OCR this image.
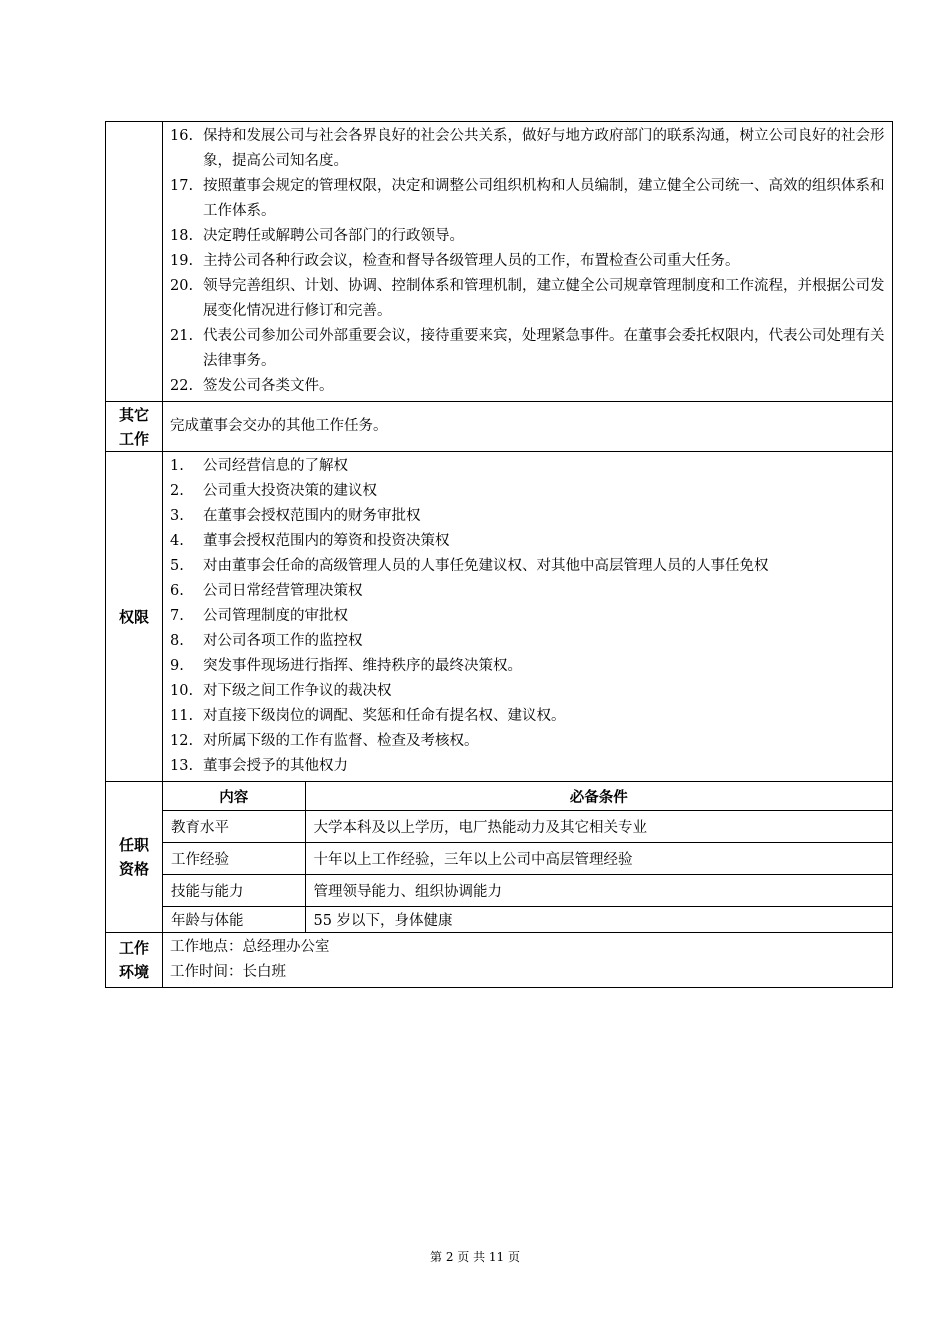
16. 保持和发展公司与社会各界良好的社会公共关系，做好与地方政府部门的联系沟通，树立公司良好的社会形象，提高公司知名度。
17. 按照董事会规定的管理权限，决定和调整公司组织机构和人员编制，建立健全公司统一、高效的组织体系和工作体系。
18. 决定聘任或解聘公司各部门的行政领导。
19. 主持公司各种行政会议，检查和督导各级管理人员的工作，布置检查公司重大任务。
20. 领导完善组织、计划、协调、控制体系和管理机制，建立健全公司规章管理制度和工作流程，并根据公司发展变化情况进行修订和完善。
21. 代表公司参加公司外部重要会议，接待重要来宾，处理紧急事件。在董事会委托权限内，代表公司处理有关法律事务。
22. 签发公司各类文件。

其它
工作

完成董事会交办的其他工作任务。

权限	
1.	公司经营信息的了解权
2.	公司重大投资决策的建议权
3.	在董事会授权范围内的财务审批权
4.	董事会授权范围内的筹资和投资决策权
5.	对由董事会任命的高级管理人员的人事任免建议权、对其他中高层管理人员的人事任免权
6.	公司日常经营管理决策权
7.	公司管理制度的审批权
8.	对公司各项工作的监控权
9.	突发事件现场进行指挥、维持秩序的最终决策权。
10. 对下级之间工作争议的裁决权
11. 对直接下级岗位的调配、奖惩和任命有提名权、建议权。
12. 对所属下级的工作有监督、检查及考核权。
13. 董事会授予的其他权力

任职
资格

内容	必备条件
教育水平	大学本科及以上学历，电厂热能动力及其它相关专业
工作经验	十年以上工作经验，三年以上公司中高层管理经验
技能与能力	管理领导能力、组织协调能力
年龄与体能	55 岁以下，身体健康

工作
环境

工作地点：总经理办公室
工作时间：长白班
第 2 页 共 11 页
